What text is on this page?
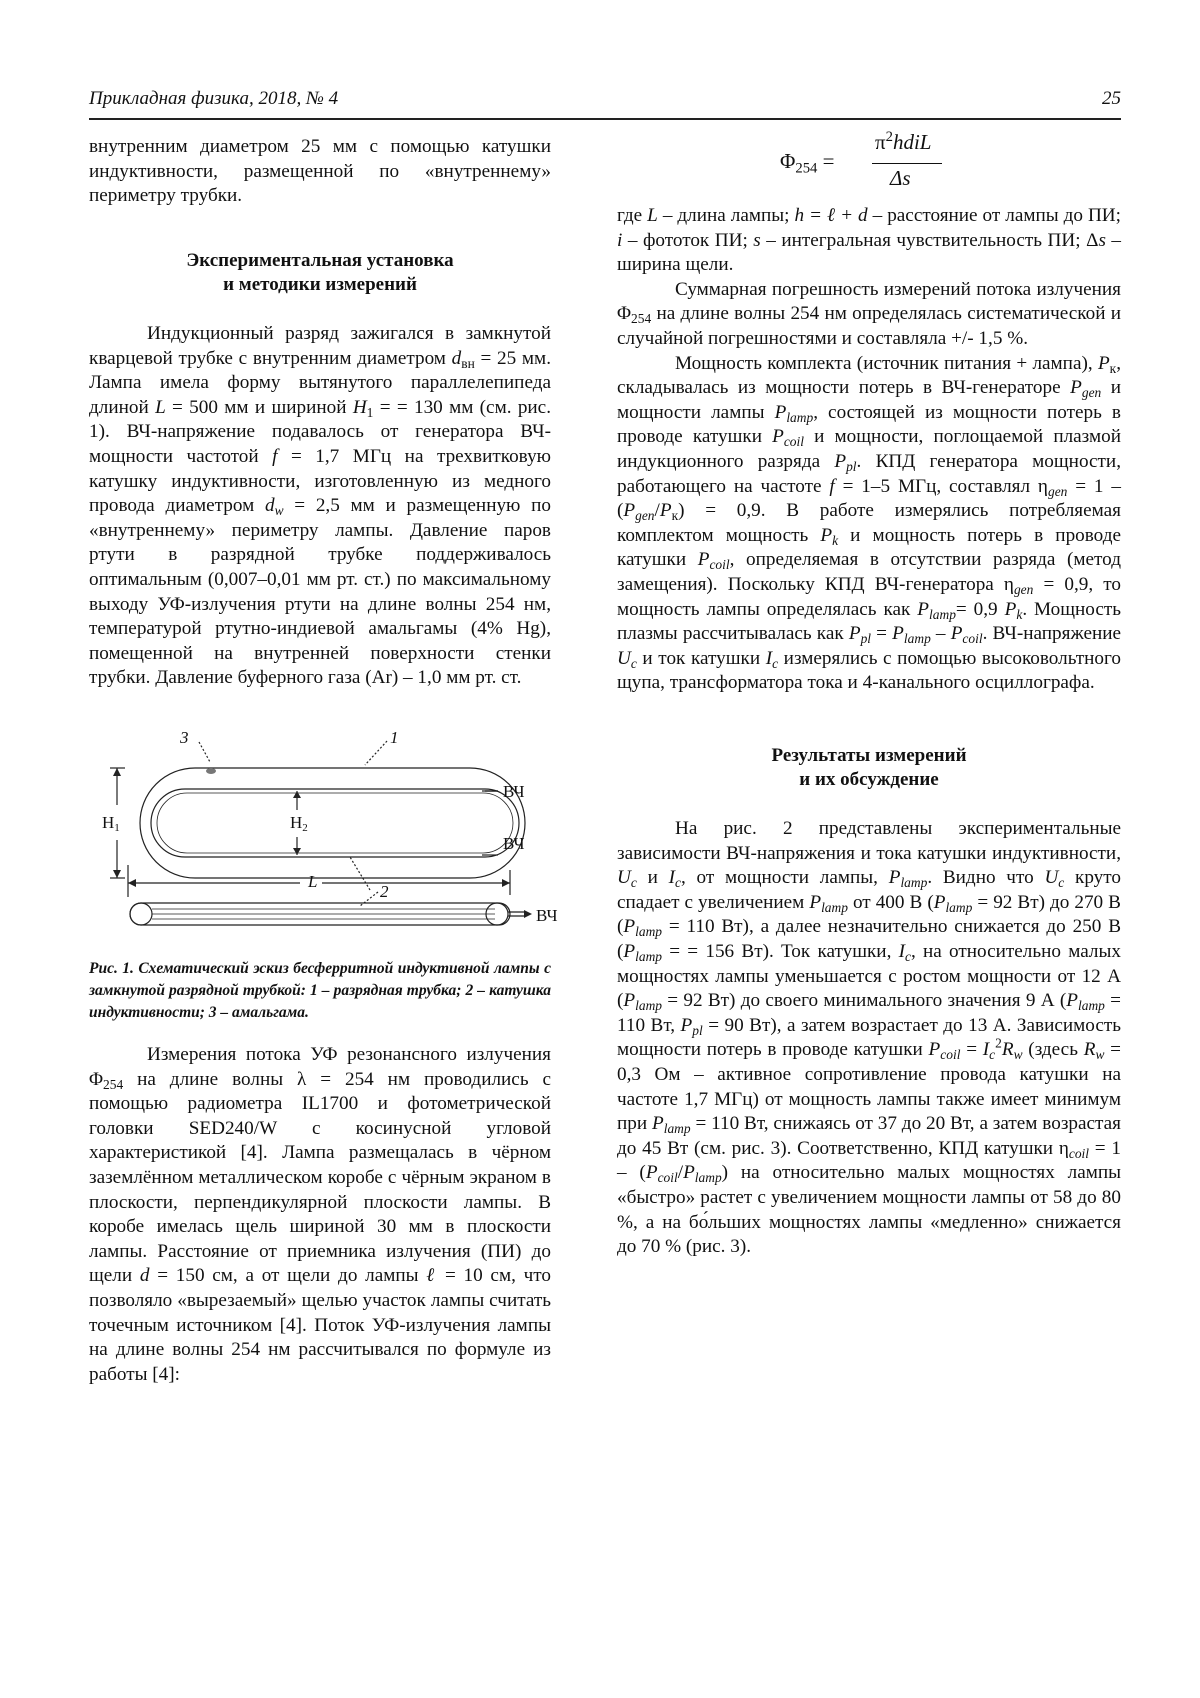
Прикладная физика, 2018, № 4	25

внутренним диаметром 25 мм с помощью катушки индуктивности, размещенной по «внутреннему» периметру трубки.

Экспериментальная установка
и методики измерений

Индукционный разряд зажигался в замкнутой кварцевой трубке с внутренним диаметром $d_{вн} = 25$ мм. Лампа имела форму вытянутого параллелепипеда длиной L = 500 мм и шириной $H_1$ = = 130 мм (см. рис. 1). ВЧ-напряжение подавалось от генератора ВЧ-мощности частотой f = 1,7 МГц на трехвитковую катушку индуктивности, изготовленную из медного провода диаметром $d_w = 2,5$ мм и размещенную по «внутреннему» периметру лампы. Давление паров ртути в разрядной трубке поддерживалось оптимальным (0,007–0,01 мм рт. ст.) по максимальному выходу УФ-излучения ртути на длине волны 254 нм, температурой ртутно-индиевой амальгамы (4% Hg), помещенной на внутренней поверхности стенки трубки. Давление буферного газа (Ar) – 1,0 мм рт. ст.

3	1
2
L
H1	H2
ВЧ
ВЧ
ВЧ
Рис. 1. Схематический эскиз бесферритной индуктивной лампы с замкнутой разрядной трубкой: 1 – разрядная трубка; 2 – катушка индуктивности; 3 – амальгама.

Измерения потока УФ резонансного излучения $\Phi_{254}$ на длине волны λ = 254 нм проводились с помощью радиометра IL1700 и фотометрической головки SED240/W с косинусной угловой характеристикой [4]. Лампа размещалась в чёрном заземлённом металлическом коробе с чёрным экраном в плоскости, перпендикулярной плоскости лампы. В коробе имелась щель шириной 30 мм в плоскости лампы. Расстояние от приемника излучения (ПИ) до щели d = 150 см, а от щели до лампы ℓ = 10 см, что позволяло «вырезаемый» щелью участок лампы считать точечным источником [4]. Поток УФ-излучения лампы на длине волны 254 нм рассчитывался по формуле из работы [4]:

$\Phi_{254}$ =
$\pi^2hdiL$
Δs

где L – длина лампы; h = ℓ + d – расстояние от лампы до ПИ; i – фототок ПИ; s – интегральная чувствительность ПИ; Δs – ширина щели.

Суммарная погрешность измерений потока излучения $\Phi_{254}$ на длине волны 254 нм определялась систематической и случайной погрешностями и составляла +/- 1,5 %.

Мощность комплекта (источник питания + лампа), $P_к$, складывалась из мощности потерь в ВЧ-генераторе $P_{gen}$ и мощности лампы $P_{lamp}$, состоящей из мощности потерь в проводе катушки $P_{coil}$ и мощности, поглощаемой плазмой индукционного разряда $P_{pl}$. КПД генератора мощности, работающего на частоте f = 1–5 МГц, составлял $\eta_{gen} = 1 - (P_{gen}/P_к) = 0,9$. В работе измерялись потребляемая комплектом мощность $P_k$ и мощность потерь в проводе катушки $P_{coil}$, определяемая в отсутствии разряда (метод замещения). Поскольку КПД ВЧ-генератора $\eta_{gen} = 0,9$, то мощность лампы определялась как $P_{lamp}= 0,9$ $P_k$. Мощность плазмы рассчитывалась как $P_{pl} = P_{lamp} - P_{coil}$. ВЧ-напряжение $U_c$ и ток катушки $I_c$ измерялись с помощью высоковольтного щупа, трансформатора тока и 4-канального осциллографа.

Результаты измерений
и их обсуждение

На рис. 2 представлены экспериментальные зависимости ВЧ-напряжения и тока катушки индуктивности, $U_c$ и $I_c$, от мощности лампы, $P_{lamp}$. Видно что $U_c$ круто спадает с увеличением $P_{lamp}$ от 400 В ($P_{lamp} = 92$ Вт) до 270 В ($P_{lamp} = 110$ Вт), а далее незначительно снижается до 250 В ($P_{lamp}$ = = 156 Вт). Ток катушки, $I_c$, на относительно малых мощностях лампы уменьшается с ростом мощности от 12 А ($P_{lamp} = 92$ Вт) до своего минимального значения 9 А ($P_{lamp} = 110$ Вт, $P_{pl} = 90$ Вт), а затем возрастает до 13 А. Зависимость мощности потерь в проводе катушки $P_{coil} = I_c^2R_w$ (здесь $R_w = 0,3$ Ом – активное сопротивление провода катушки на частоте 1,7 МГц) от мощность лампы также имеет минимум при $P_{lamp} = 110$ Вт, снижаясь от 37 до 20 Вт, а затем возрастая до 45 Вт (см. рис. 3). Соответственно, КПД катушки $\eta_{coil} = 1 - (P_{coil}/P_{lamp})$ на относительно малых мощностях лампы «быстро» растет с увеличением мощности лампы от 58 до 80 %, а на бо́льших мощностях лампы «медленно» снижается до 70 % (рис. 3).
